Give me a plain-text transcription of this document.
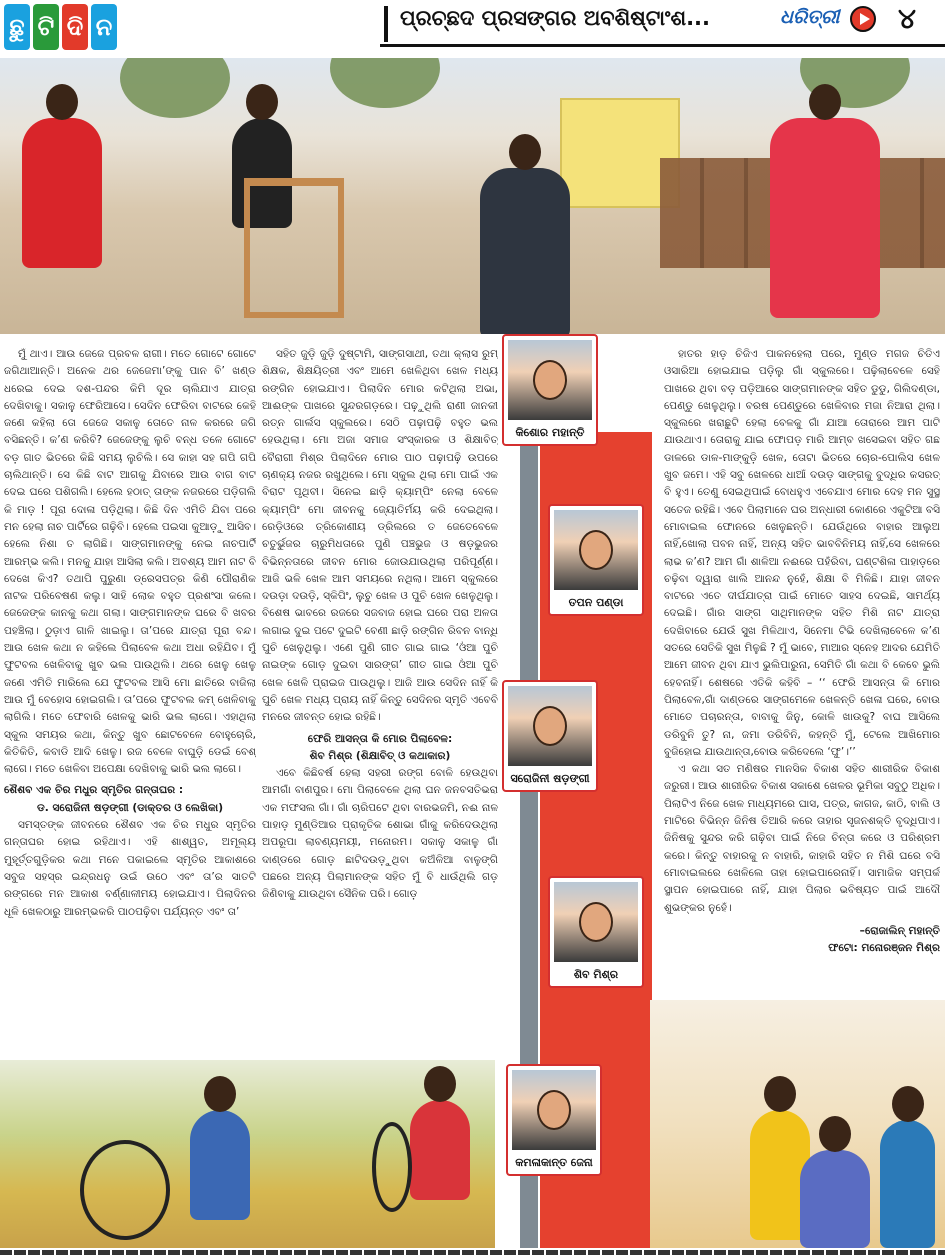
ଛୁ ଟି ଦି ନ	ପ୍ରଚ୍ଛଦ ପ୍ରସଙ୍ଗର ଅବଶିଷ୍ଟାଂଶ...	ଧରିତ୍ରୀ ୪

ମୁଁ ଥାଏ। ଆଉ ଜେଜେ ପ୍ରବଳ ରାଗୀ। ମତେ ଗୋଟେ ଗୋଟେ ଜଗିଥାଆନ୍ତି। ଅନେକ ଥର ଜେଜେମା’ଙ୍କୁ ପାନ ବି’ ଖଣ୍ଡ ଧରେଇ ଦେଇ ଦଶ-ପନ୍ଦର କିମି ଦୂର ଚାଲିଯାଏ ଯାତ୍ରା ଦେଖିବାକୁ। ସକାଳୁ ଫେରିଆସେ। ସେଦିନ ଫେରିବା ବାଟରେ କେହି ଜଣେ କହିଲା ତୋ ଜେଜେ ସକାଳୁ ତୋତେ ନାଳ କରରେ ଜଗି ବସିଛନ୍ତି। କ’ଣ କରିବି? ଜେଜେଙ୍କୁ ଲୁଚି ବନ୍ଧ ତଳେ ଗୋଟେ ବଡ଼ ଗାତ ଭିତରେ କିଛି ସମୟ ଲୁଚିଲି। ସେ କାହା ସହ ଗପି ଗପି ଚାଲିଥାନ୍ତି। ସେ କିଛି ବାଟ ଆଗକୁ ଯିବାରେ ଆଉ ବାଗ ବାଟ ଦେଇ ଘରେ ପଶିଗଲି। ହେଲେ ହଠାତ୍ ତାଙ୍କ ନଜରରେ ପଡ଼ିଗଲି କି ମାଡ଼ ! ପୂରା ଦୋଳା ପଡ଼ିଥିଲା। କିଛି ଦିନ ଏମିତି ଯିବା ପରେ ମନ ହେଲା ନାଚ ପାର୍ଟିରେ ଗଢ଼ିବି। ହେଲେ ପଇସା କୁଆଡ଼ୁ ଆସିବ। ହେଲେ ନିଶା ତ ଲାଗିଛି। ସାଙ୍ଗମାନଙ୍କୁ ନେଇ ନାଚପାର୍ଟି ଆରମ୍ଭ କଲି। ମନକୁ ଯାହା ଆସିଲା କଲି। ଅବଶ୍ୟ ଆମ ନାଟ ବି ଦେଖେ କିଏ? ତଥାପି ପୁରୁଣା ଡ୍ରେସପତ୍ର କିଣି ପୌରାଣିକ ନାଟକ ପରିବେଷଣ କଲୁ। ସାହି ଲୋକ ବହୁତ ପ୍ରଶଂସା କଲେ। ଜେଜେଙ୍କ କାନକୁ କଥା ଗଲା। ସାଙ୍ଗମାନଙ୍କ ଘରେ ବି ଖବର ପହଞ୍ଚିଲା। ଠୁଡ଼ାଏ ଗାଳି ଖାଇଲୁ। ତା’ପରେ ଯାତ୍ରା ପୂରା ବନ୍ଦ। ଆଉ ଖେଳ କଥା ନ କହିଲେ ପିଲାବେଳ କଥା ଅଧା ରହିଯିବ। ମୁଁ ଫୁଟବଲ ଖେଳିବାକୁ ଖୁବ ଭଲ ପାଉଥିଲି। ଥରେ ଖେଳୁ ଖେଳୁ ଜଣେ ଏମିତି ମାରିଲେ ଯେ ଫୁଟବଲ ଆସି ମୋ ଛାତିରେ ବାଜିଲା ଆଉ ମୁଁ ବେହୋସ ହୋଇଗଲି। ତା’ପରେ ଫୁଟବଲ କମ୍ ଖେଳିବାକୁ ଲାଗିଲି। ମତେ ଫେବାରି ଖେଳକୁ ଭାରି ଭଲ ଲାଗେ। ଏହାଥିଲା ସ୍କୁଲ ସମୟର କଥା, କିନ୍ତୁ ଖୁବ ଛୋଟବେଳେ ବୋହୁଚୋରି, କିତିକିତି, କବାଡି ଆଦି ଖେଳୁ। ରଜ ବେଳେ ବାଘୁଡ଼ି ଡେଇଁ ବେଶ୍ ଲାଗେ। ମତେ ଖେଳିବା ଅପେକ୍ଷା ଦେଖିବାକୁ ଭାରି ଭଲ ଲାଗେ।

ଶୈଶବ ଏକ ଚିର ମଧୁର ସ୍ମୃତିର ଗନ୍ତାଘର :

ଡ. ସରୋଜିନୀ ଷଡ଼ଙ୍ଗୀ (ଡାକ୍ତର ଓ ଲେଖିକା)

ସମସ୍ତଙ୍କ ଜୀବନରେ ଶୈଶବ ଏକ ଚିର ମଧୁର ସ୍ମୃତିର ଗନ୍ତାଘର ହୋଇ ରହିଥାଏ। ଏହି ଶାଶ୍ୱତ, ଅମୂଲ୍ୟ ମୁହୂର୍ତ୍ତଗୁଡ଼ିକର କଥା ମନେ ପକାଇଲେ ସ୍ମୃତିର ଆକାଶରେ ସବୁଜ ସହସ୍ର ଇନ୍ଦ୍ରଧନୁ ଉଇଁ ଉଠେ ଏବଂ ତା’ର ସାତଟି ରଙ୍ଗରେ ମନ ଆକାଶ ବର୍ଣ୍ଣାଳୀମୟ ହୋଇଯାଏ। ପିଲାଦିନର ଧୂଳି ଖେଳଠାରୁ ଆରମ୍ଭକରି ପାଠପଢ଼ିବା ପର୍ଯ୍ୟନ୍ତ ଏବଂ ତା’

ସହିତ ଜୁଡ଼ି ଜୁଡ଼ି ଦୁଷ୍ଟାମି, ସାଙ୍ଗସାଥୀ, ତଥା କ୍ଲାସ ରୁମ୍ ଶିକ୍ଷକ, ଶିକ୍ଷୟିତ୍ରୀ ଏବଂ ଆମେ ଖେଳିଥିବା ଖେଳ ମଧ୍ୟ ରଙ୍ଗିନ ହୋଇଯାଏ। ପିଲାଦିନ ମୋର କଟିଥିଲା ଅଭା, ଆଈଙ୍କ ପାଖରେ ସୁନ୍ଦରଗଡ଼ରେ। ପଢ଼ୁଥିଲି ରାଣୀ ଜାନକୀ ରତ୍ନ ଗାର୍ଲସ ସ୍କୁଲରେ। ସେଠି ପଢ଼ାପଢ଼ି ବହୁତ ଭଲ ହେଉଥିଲା। ମୋ ଅଜା ସମାଜ ସଂସ୍କାରକ ଓ ଶିକ୍ଷାବିତ୍ ବୈରାଗୀ ମିଶ୍ର ପିଲାଦିନେ ମୋର ପାଠ ପଢ଼ାପଢ଼ି ଉପରେ ଚାଣକ୍ୟ ନଜର ରଖୁଥିଲେ। ମୋ ସ୍କୁଲ ଥିଲା ମୋ ପାଇଁ ଏକ ବିରାଟ ପୃଥିବୀ। ସିନେଇ ଛାଡ଼ି କ୍ୟାମ୍ପିଂ ନେଲା ବେଳେ କ୍ୟାମ୍ପିଂ ମୋ ଜୀବନକୁ ଜ୍ୟୋତିର୍ମୟ କରି ଦେଇଥିଲା। ରେଡ଼ିଓରେ ତ୍ରିକୋଣୀୟ ଡ୍ରିଲରେ ତ ଜେତେବେଳେ ଚତୁର୍ଭୁଜର ଚାରୁମିଧତାରେ ପୁଣି ପଞ୍ଚଭୁଜ ଓ ଷଡ଼ଭୁଜର ବିଭିନ୍ନତାରେ ଜୀବନ ମୋର ଜୋଉଯାଉଥିଲା ପରିପୂର୍ଣ୍ଣ। ଆଜି ଭଳି ଖେଳ ଆମ ସମୟରେ ନଥିଲା। ଆମେ ସ୍କୁଲରେ ଦଉଡ଼ା ଦଉଡ଼ି, ସ୍କିପିଂ, ଲୁଚୁ ଖେଳ ଓ ପୁଚି ଖେଳ ଖେଳୁଥିଲୁ। ବିଶେଷ ଭାବରେ ରଜରେ ସଜବାଜ ହୋଇ ଘରେ ପରା ଅଳତା ଲଗାଇ ଦୁଇ ପଟେ ଦୁଇଟି ବେଣୀ ଛାଡ଼ି ରଙ୍ଗିନ ରିବନ ବାନ୍ଧି ପୁଚି ଖେଳୁଥିଲୁ। ଏଣେ ପୁଣି ଗୀତ ଗାଇ ଗାଇ ‘ଓଁଆ ପୁଚି ନାଇଙ୍କ ଗୋଡ଼ ଦୁଇବା ସାରଙ୍ଗ’ ଗୀତ ଗାଇ ଓଁଆ ପୁଚି ଖେଳ ଖେଳି ପ୍ରାଇଜ ପାଉଥିଲୁ। ଆଜି ଆଉ ସେଦିନ ନାହିଁ କି ପୁଚି ଖେଳ ମଧ୍ୟ ପ୍ରାୟ ନାହିଁ କିନ୍ତୁ ସେଦିନର ସ୍ମୃତି ଏବେବି ମନରେ ଜୀବନ୍ତ ହୋଇ ରହିଛି।

ଫେରି ଆସନ୍ତା କି ମୋର ପିଲାବେଳ:

ଶିବ ମିଶ୍ର (ଶିକ୍ଷାବିତ୍ ଓ କଥାକାର)

ଏବେ କିଛିବର୍ଷ ହେଲା ସହରୀ ରଙ୍ଗ ବୋଳି ହେଉଥିବା ଆମଗାଁ ବାଣପୁର। ମୋ ପିଲାବେଳେ ଥିଲା ଘନ ଜନବସତିଭରା ଏକ ମଫସଲ ଗାଁ। ଗାଁ ଚାରିପଟେ ଥିବା ବାରଭଜମି, ନଈ ନାଳ ପାହାଡ଼ ମୁଣ୍ଡିଆର ପ୍ରାକୃତିକ ଶୋଭା ଗାଁକୁ କରିଦେଉଥିଲା ଅପରୂପା ଲାବଣ୍ୟମୟୀ, ମନୋରମ। ସକାଳୁ ସକାଳୁ ଗାଁ ଦାଣ୍ଡରେ ଗୋଡ଼ ଛାଟିଦଉଡ଼ୁଥିବା କଅଁଳିଆ ବାଳୁଙ୍ଗି ପଛରେ ଅନ୍ୟ ପିଲାମାନଙ୍କ ସହିତ ମୁଁ ବି ଧାଉଁଥିଲି ଗଡ଼ ଜିଣିବାକୁ ଯାଉଥିବା ସୈନିକ ପରି। ଗୋଡ଼

ହାତର ହାଡ଼ ଚିଜିଏ ପାକନହେଲା ପରେ, ମୁଣ୍ଡ ମଗଜ ଚିତିଏ ଓସାରିଆ ହୋଇଯାଇ ପଡ଼ିଲୁ ଗାଁ ସ୍କୁଲରେ। ପଢ଼ିଲାବେଳେ ସେହି ପାଖରେ ଥିବା ବଡ଼ ପଡ଼ିଆରେ ସାଙ୍ଗମାନଙ୍କ ସହିତ ଡୁଡୁ, ଗିଲିଦଣ୍ଡା, ପେଣ୍ଡୁ ଖେଳୁଥିଲୁ। ବରଷ ପେଣ୍ଡୁରେ ଖେଳିବାର ମଜା ନିଆରା ଥିଲା। ସ୍କୁଲରେ ଖରାଛୁଟି ହେଲା ବେଳକୁ ଗାଁ ଯାଆ ତୋରାରେ ଆମ ପାଟି ଯାଉଥାଏ। ତୋରାକୁ ଯାଇ ଫୋପଡ଼ ମାରି ଆମ୍ବ ଖସେଇବା ସହିତ ଗଛ ଡାଳରେ ଡାଳ-ମାଙ୍କୁଡ଼ି ଖେଳ, ତୋଟା ଭିତରେ ଚୋର-ପୋଲିସ ଖେଳ ଖୁବ ଜମେ। ଏହି ସବୁ ଖେଳରେ ଧାଆଁ ଦଉଡ଼ ସାଙ୍ଗକୁ ବୁଦ୍ଧିର କସରତ୍ ବି ହୁଏ। ତେଣୁ ସେଇଥିପାଇଁ ବୋଧହୁଏ ଏବେଯାଏ ମୋର ଦେହ ମନ ସୁସ୍ଥ ସତେଜ ରହିଛି। ଏବେ ପିଲାମାନେ ଘର ଅନ୍ଧାରୀ କୋଣରେ ଏକୁଟିଆ ବସି ମୋବାଇଲ ଫୋନରେ ଖେଳୁଛନ୍ତି। ଯେଉଁଥିରେ ବାହାର ଆଲୁଅ ନାହିଁ,ଖୋଲା ପବନ ନାହିଁ, ଅନ୍ୟ ସହିତ ଭାବବିନିମୟ ନାହିଁ,ସେ ଖେଳରେ ଲାଭ କ’ଣ? ଆମ ଗାଁ ଶାଳିଆ ନଈରେ ପହଁରିବା, ଘଣ୍ଟଶିଳା ପାହାଡ଼ରେ ଚଢ଼ିବା ଦ୍ୱାରା ଖାଲି ଆନନ୍ଦ ନୁହେଁ, ଶିକ୍ଷା ବି ମିଳିଛି। ଯାହା ଜୀବନ ବାଟରେ ଏତେ ଦୀର୍ଘଯାତ୍ରା ପାଇଁ ମୋତେ ସାହସ ଦେଇଛି, ସାମର୍ଥ୍ୟ ଦେଇଛି। ଗାଁର ସାଙ୍ଗ ସାଥିମାନଙ୍କ ସହିତ ମିଶି ନାଟ ଯାତ୍ରା ଦେଖିବାରେ ଯେଉଁ ସୁଖ ମିଳିଥାଏ, ସିନେମା ଟିଭି ଦେଖିଲାବେଳେ କ’ଣ ସତରେ ସେତିକି ସୁଖ ମିଳୁଛି ? ମୁଁ ଭାବେ, ମାଆର ସ୍ନେହ ଆଦର ଯେମିତି ଆମେ ଜୀବନ ଥିବା ଯାଏ ଭୁଲିପାରୁନା, ସେମିତି ଗାଁ କଥା ବି କେବେ ଭୁଲି ହେବନାହିଁ। ଶେଷରେ ଏତିକି କହିବି – ‘‘ ଫେରି ଆସନ୍ତା କି ମୋର ପିଲାବେଳ,ଗାଁ ଦାଣ୍ଡରେ ସାଙ୍ଗମେଳେ ଖେଳନ୍ତି ଖେଳା ଘରେ, ବୋଉ ମୋତେ ପଚାରନ୍ତା, ବାବାକୁ ଜିନୁ, କୋଳି ଖାଉକୁ? ବାଘ ଆସିଲେ ଡରିବୁନି ତୁ? ନା, ଜମା ଡରିବିନି, କହନ୍ତି ମୁଁ, ଟେଲେ ଆଖିମୋର ବୁଜିହୋଇ ଯାଉଥାନ୍ତା,ବୋଉ କରିଦେଲେ ‘ଫୁ’।’’

ଏ କଥା ସତ ମଣିଷର ମାନସିକ ବିକାଶ ସହିତ ଶାରୀରିକ ବିକାଶ ଜରୁରୀ। ଆଉ ଶାରୀରିକ ବିକାଶ ସକାଶେ ଖେଳର ଭୂମିକା ସବୁଠୁ ଅଧିକ। ପିଲାଟିଏ ନିଜେ ଖେଳ ମାଧ୍ୟମରେ ଘାସ, ପତ୍ର, କାଗଜ, କାଠି, ବାଲି ଓ ମାଟିରେ ବିଭିନ୍ନ ଜିନିଷ ତିଆରି କରେ ତାହାର ସୃଜନଶକ୍ତି ବୃଦ୍ଧିପାଏ। ଜିନିଷକୁ ସୁନ୍ଦର କରି ଗଢ଼ିବା ପାଇଁ ନିଜେ ଚିନ୍ତା କରେ ଓ ପରିଶ୍ରମ କରେ। କିନ୍ତୁ ବାହାରକୁ ନ ବାହାରି, କାହାରି ସହିତ ନ ମିଶି ଘରେ ବସି ମୋବାଇଲରେ ଖେଳିଲେ ତାହା ହୋଇପାରେନାହିଁ। ସାମାଜିକ ସମ୍ପର୍କ ସ୍ଥାପନ ହୋଇପାରେ ନାହିଁ, ଯାହା ପିଲାର ଭବିଷ୍ୟତ ପାଇଁ ଆଦୌ ଶୁଭଙ୍କର ନୁହେଁ।

–ରୋଜାଲିନ୍ ମହାନ୍ତି

ଫଟୋ: ମନୋରଞ୍ଜନ ମିଶ୍ର

କିଶୋର ମହାନ୍ତି
ତପନ ପଣ୍ଡା
ସରୋଜିନୀ ଷଡ଼ଙ୍ଗୀ
ଶିବ ମିଶ୍ର
କମଳାକାନ୍ତ ଜେନା
